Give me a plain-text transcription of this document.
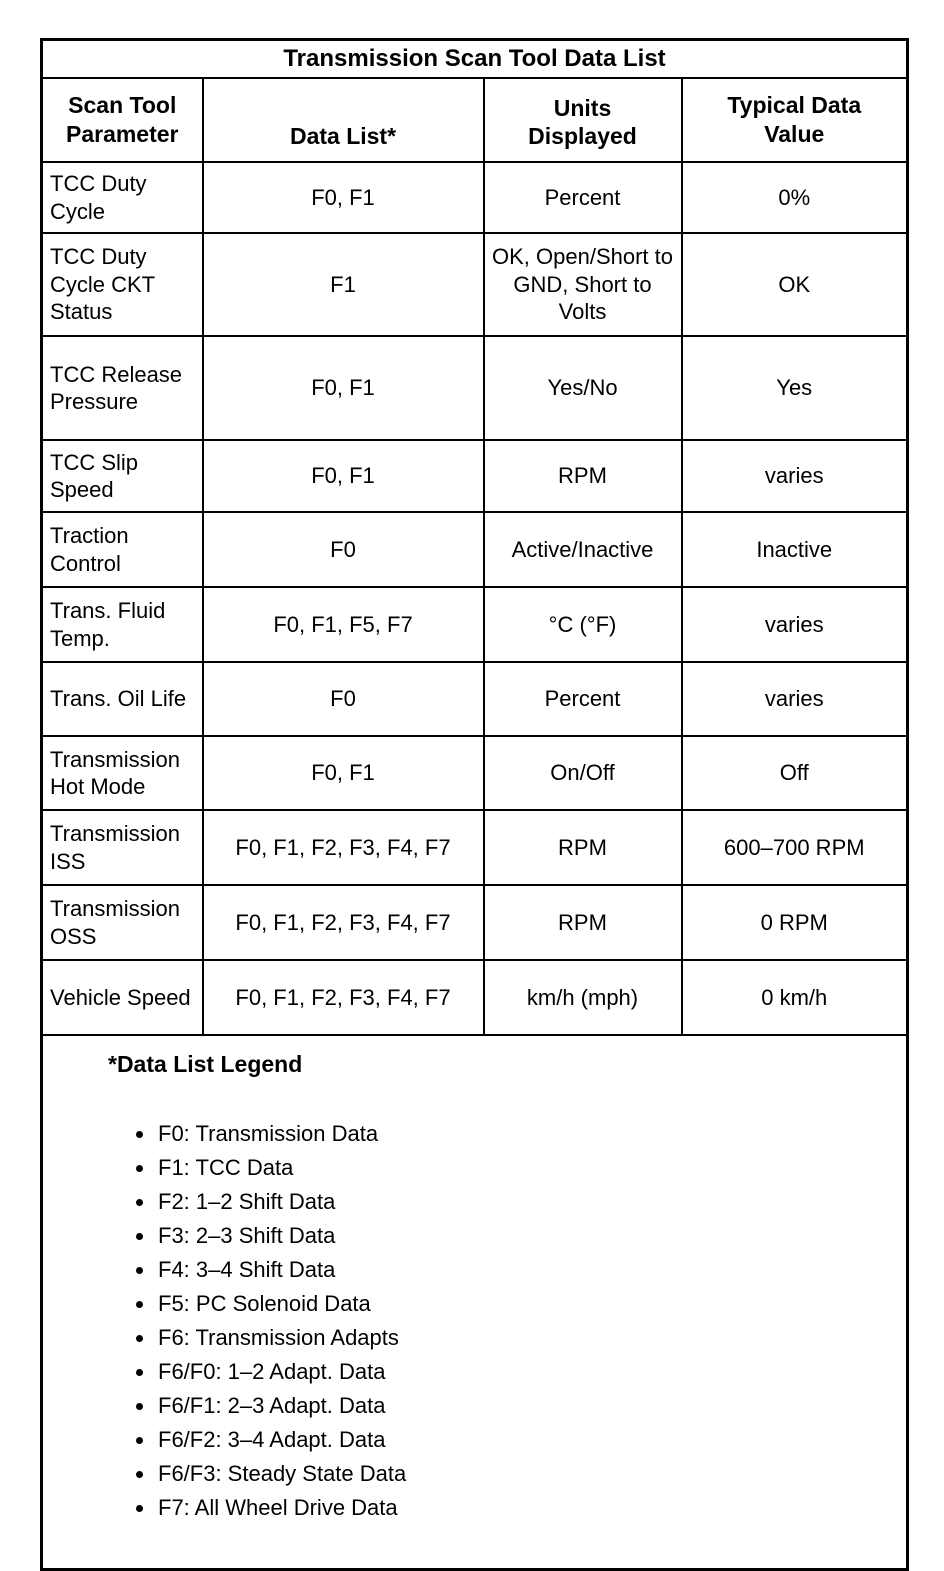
Transmission Scan Tool Data List			
Scan Tool Parameter	Data List*	Units Displayed	Typical Data Value
TCC Duty Cycle	F0, F1	Percent	0%
TCC Duty Cycle CKT Status	F1	OK, Open/Short to GND, Short to Volts	OK
TCC Release Pressure	F0, F1	Yes/No	Yes
TCC Slip Speed	F0, F1	RPM	varies
Traction Control	F0	Active/Inactive	Inactive
Trans. Fluid Temp.	F0, F1, F5, F7	°C (°F)	varies
Trans. Oil Life	F0	Percent	varies
Transmission Hot Mode	F0, F1	On/Off	Off
Transmission ISS	F0, F1, F2, F3, F4, F7	RPM	600–700 RPM
Transmission OSS	F0, F1, F2, F3, F4, F7	RPM	0 RPM
Vehicle Speed	F0, F1, F2, F3, F4, F7	km/h (mph)	0 km/h

*Data List Legend
• F0: Transmission Data
• F1: TCC Data
• F2: 1–2 Shift Data
• F3: 2–3 Shift Data
• F4: 3–4 Shift Data
• F5: PC Solenoid Data
• F6: Transmission Adapts
• F6/F0: 1–2 Adapt. Data
• F6/F1: 2–3 Adapt. Data
• F6/F2: 3–4 Adapt. Data
• F6/F3: Steady State Data
• F7: All Wheel Drive Data
